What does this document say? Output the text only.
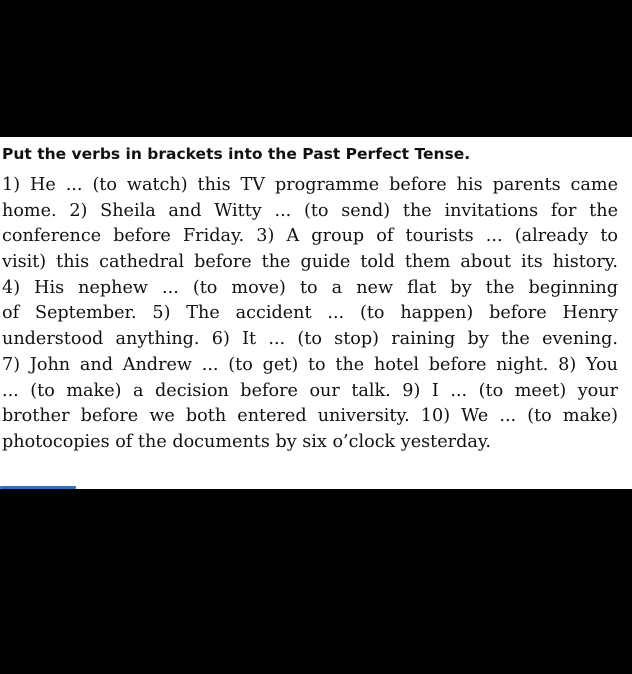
Put the verbs in brackets into the Past Perfect Tense.
1) He ... (to watch) this TV programme before his parents came
home. 2) Sheila and Witty ... (to send) the invitations for the
conference before Friday. 3) A group of tourists ... (already to
visit) this cathedral before the guide told them about its history.
4) His nephew ... (to move) to a new flat by the beginning
of September. 5) The accident ... (to happen) before Henry
understood anything. 6) It ... (to stop) raining by the evening.
7) John and Andrew ... (to get) to the hotel before night. 8) You
... (to make) a decision before our talk. 9) I ... (to meet) your
brother before we both entered university. 10) We ... (to make)
photocopies of the documents by six o’clock yesterday.
